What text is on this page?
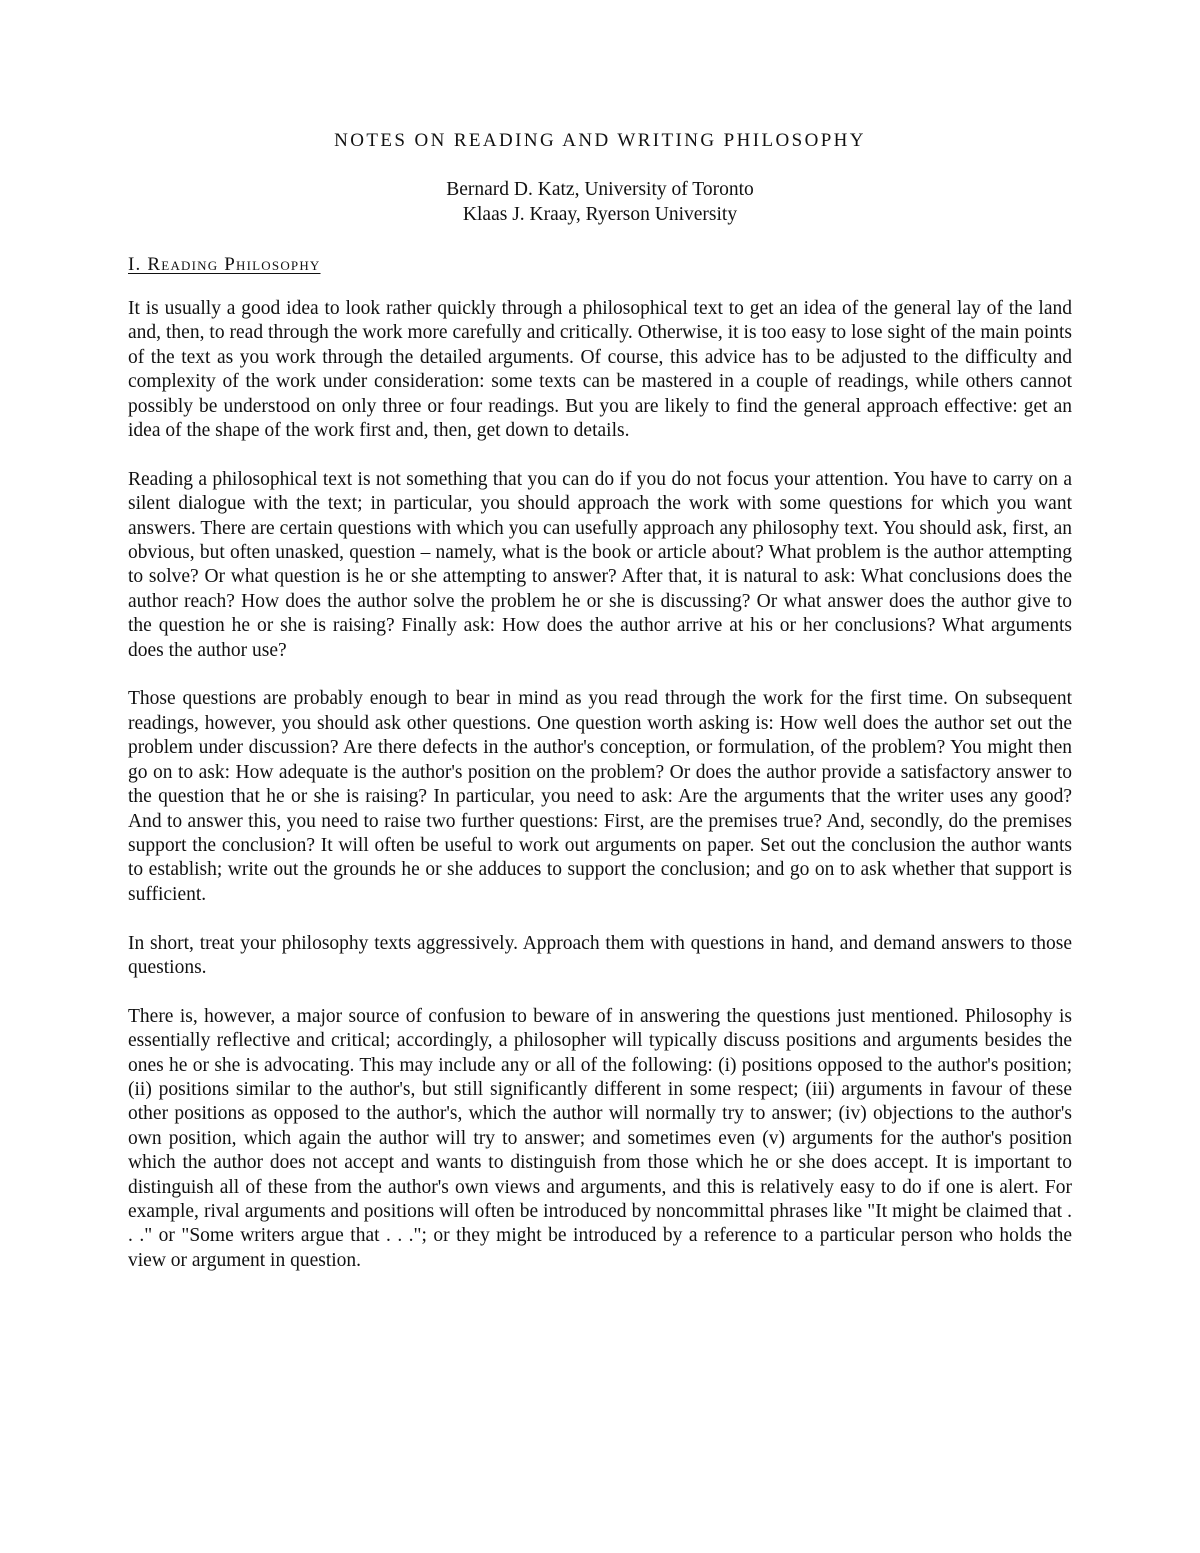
NOTES ON READING AND WRITING PHILOSOPHY
Bernard D. Katz, University of Toronto
Klaas J. Kraay, Ryerson University
I. Reading Philosophy

It is usually a good idea to look rather quickly through a philosophical text to get an idea of the general lay of the land and, then, to read through the work more carefully and critically. Otherwise, it is too easy to lose sight of the main points of the text as you work through the detailed arguments. Of course, this advice has to be adjusted to the difficulty and complexity of the work under consideration: some texts can be mastered in a couple of readings, while others cannot possibly be understood on only three or four readings. But you are likely to find the general approach effective: get an idea of the shape of the work first and, then, get down to details.

Reading a philosophical text is not something that you can do if you do not focus your attention. You have to carry on a silent dialogue with the text; in particular, you should approach the work with some questions for which you want answers. There are certain questions with which you can usefully approach any philosophy text. You should ask, first, an obvious, but often unasked, question – namely, what is the book or article about? What problem is the author attempting to solve? Or what question is he or she attempting to answer? After that, it is natural to ask: What conclusions does the author reach? How does the author solve the problem he or she is discussing? Or what answer does the author give to the question he or she is raising? Finally ask: How does the author arrive at his or her conclusions? What arguments does the author use?

Those questions are probably enough to bear in mind as you read through the work for the first time. On subsequent readings, however, you should ask other questions. One question worth asking is: How well does the author set out the problem under discussion? Are there defects in the author's conception, or formulation, of the problem? You might then go on to ask: How adequate is the author's position on the problem? Or does the author provide a satisfactory answer to the question that he or she is raising? In particular, you need to ask: Are the arguments that the writer uses any good? And to answer this, you need to raise two further questions: First, are the premises true? And, secondly, do the premises support the conclusion? It will often be useful to work out arguments on paper. Set out the conclusion the author wants to establish; write out the grounds he or she adduces to support the conclusion; and go on to ask whether that support is sufficient.

In short, treat your philosophy texts aggressively. Approach them with questions in hand, and demand answers to those questions.

There is, however, a major source of confusion to beware of in answering the questions just mentioned. Philosophy is essentially reflective and critical; accordingly, a philosopher will typically discuss positions and arguments besides the ones he or she is advocating. This may include any or all of the following: (i) positions opposed to the author's position; (ii) positions similar to the author's, but still significantly different in some respect; (iii) arguments in favour of these other positions as opposed to the author's, which the author will normally try to answer; (iv) objections to the author's own position, which again the author will try to answer; and sometimes even (v) arguments for the author's position which the author does not accept and wants to distinguish from those which he or she does accept. It is important to distinguish all of these from the author's own views and arguments, and this is relatively easy to do if one is alert. For example, rival arguments and positions will often be introduced by noncommittal phrases like "It might be claimed that . . ." or "Some writers argue that . . ."; or they might be introduced by a reference to a particular person who holds the view or argument in question.
